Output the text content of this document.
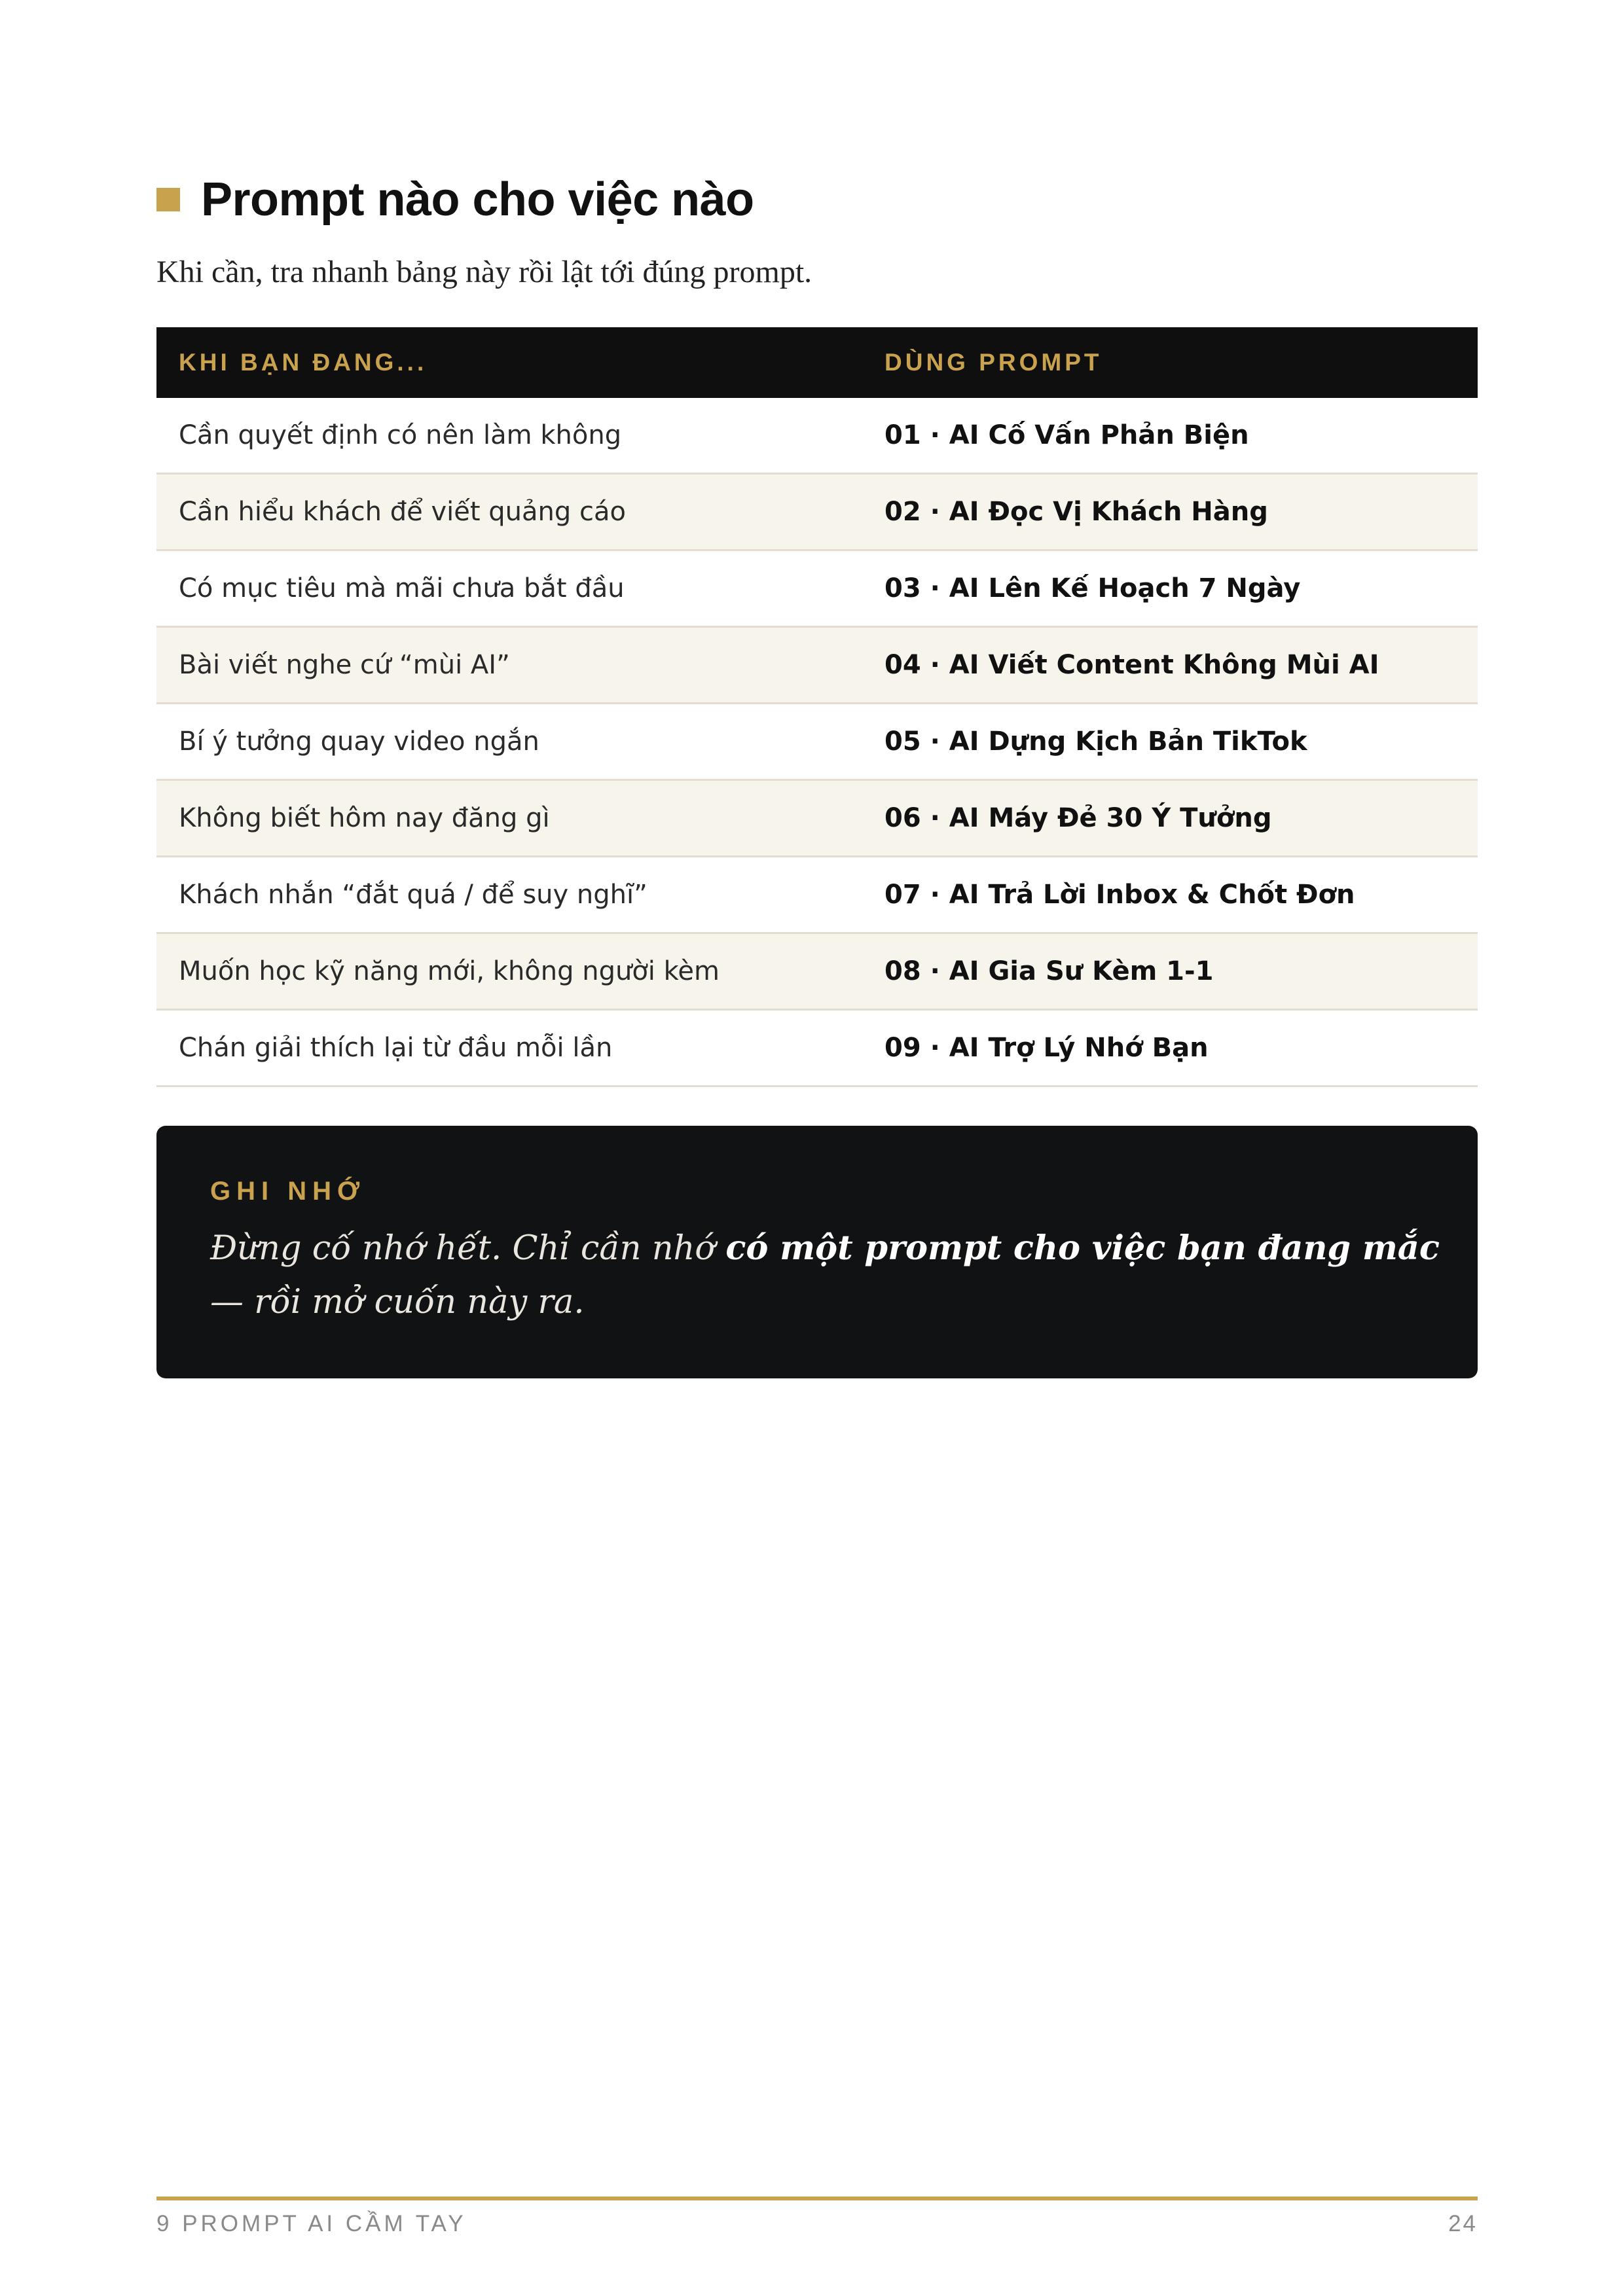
Prompt nào cho việc nào

Khi cần, tra nhanh bảng này rồi lật tới đúng prompt.

KHI BẠN ĐANG...	DÙNG PROMPT
Cần quyết định có nên làm không	01 · AI Cố Vấn Phản Biện
Cần hiểu khách để viết quảng cáo	02 · AI Đọc Vị Khách Hàng
Có mục tiêu mà mãi chưa bắt đầu	03 · AI Lên Kế Hoạch 7 Ngày
Bài viết nghe cứ “mùi AI”	04 · AI Viết Content Không Mùi AI
Bí ý tưởng quay video ngắn	05 · AI Dựng Kịch Bản TikTok
Không biết hôm nay đăng gì	06 · AI Máy Đẻ 30 Ý Tưởng
Khách nhắn “đắt quá / để suy nghĩ”	07 · AI Trả Lời Inbox & Chốt Đơn
Muốn học kỹ năng mới, không người kèm	08 · AI Gia Sư Kèm 1-1
Chán giải thích lại từ đầu mỗi lần	09 · AI Trợ Lý Nhớ Bạn
GHI NHỚ

Đừng cố nhớ hết. Chỉ cần nhớ có một prompt cho việc bạn đang mắc — rồi mở cuốn này ra.

9 PROMPT AI CẦM TAY	24
